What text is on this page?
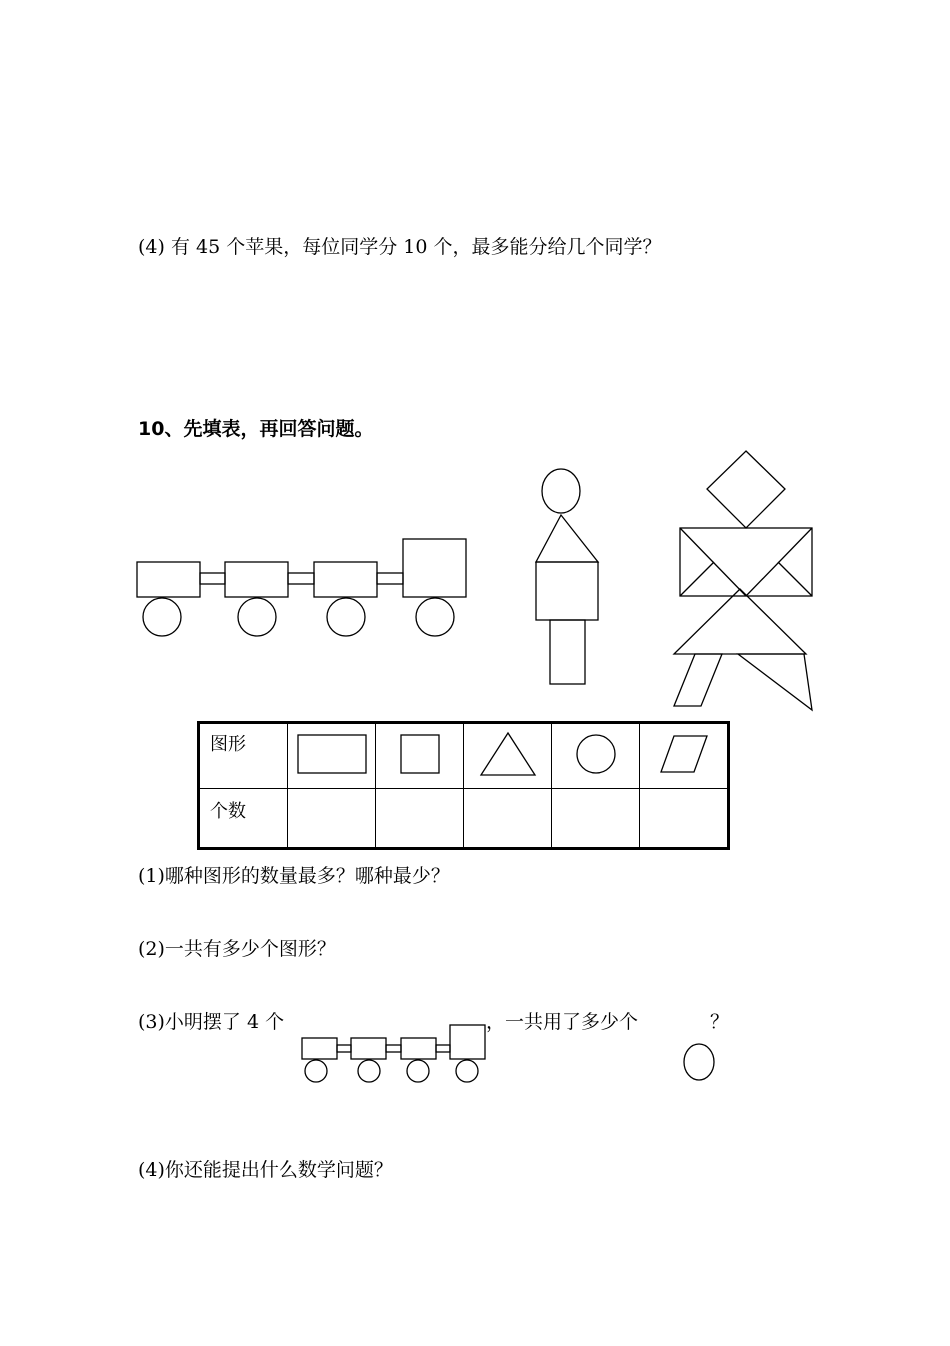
(4) 有 45 个苹果，每位同学分 10 个，最多能分给几个同学？
10、先填表，再回答问题。
图形					
个数					
(1)哪种图形的数量最多？哪种最少？
(2)一共有多少个图形？
(3)小明摆了 4 个	，一共用了多少个	？
(4)你还能提出什么数学问题？
